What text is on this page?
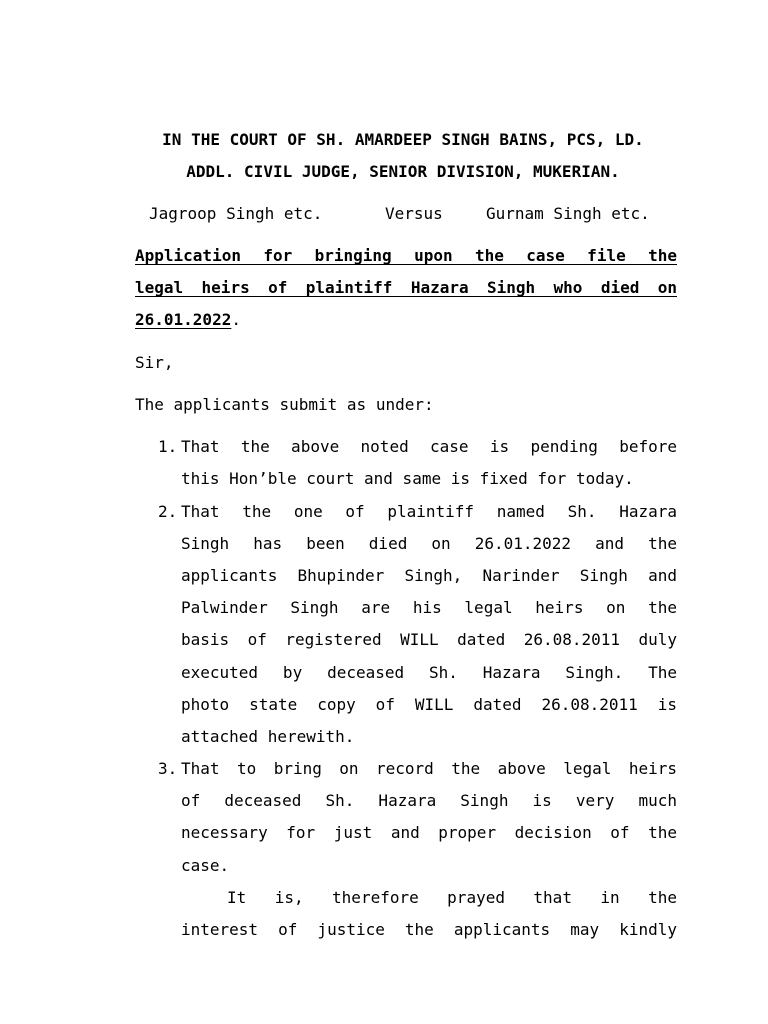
IN THE COURT OF SH. AMARDEEP SINGH BAINS, PCS, LD.
ADDL. CIVIL JUDGE, SENIOR DIVISION, MUKERIAN.
Jagroop Singh etc.	Versus	Gurnam Singh etc.
Application for bringing upon the case file the
legal heirs of plaintiff Hazara Singh who died on
26.01.2022.
Sir,
The applicants submit as under:
1. That the above noted case is pending before
this Hon’ble court and same is fixed for today.
2. That the one of plaintiff named Sh. Hazara
Singh has been died on 26.01.2022 and the
applicants Bhupinder Singh, Narinder Singh and
Palwinder Singh are his legal heirs on the
basis of registered WILL dated 26.08.2011 duly
executed by deceased Sh. Hazara Singh. The
photo state copy of WILL dated 26.08.2011 is
attached herewith.
3. That to bring on record the above legal heirs
of deceased Sh. Hazara Singh is very much
necessary for just and proper decision of the
case.
It is, therefore prayed that in the
interest of justice the applicants may kindly
